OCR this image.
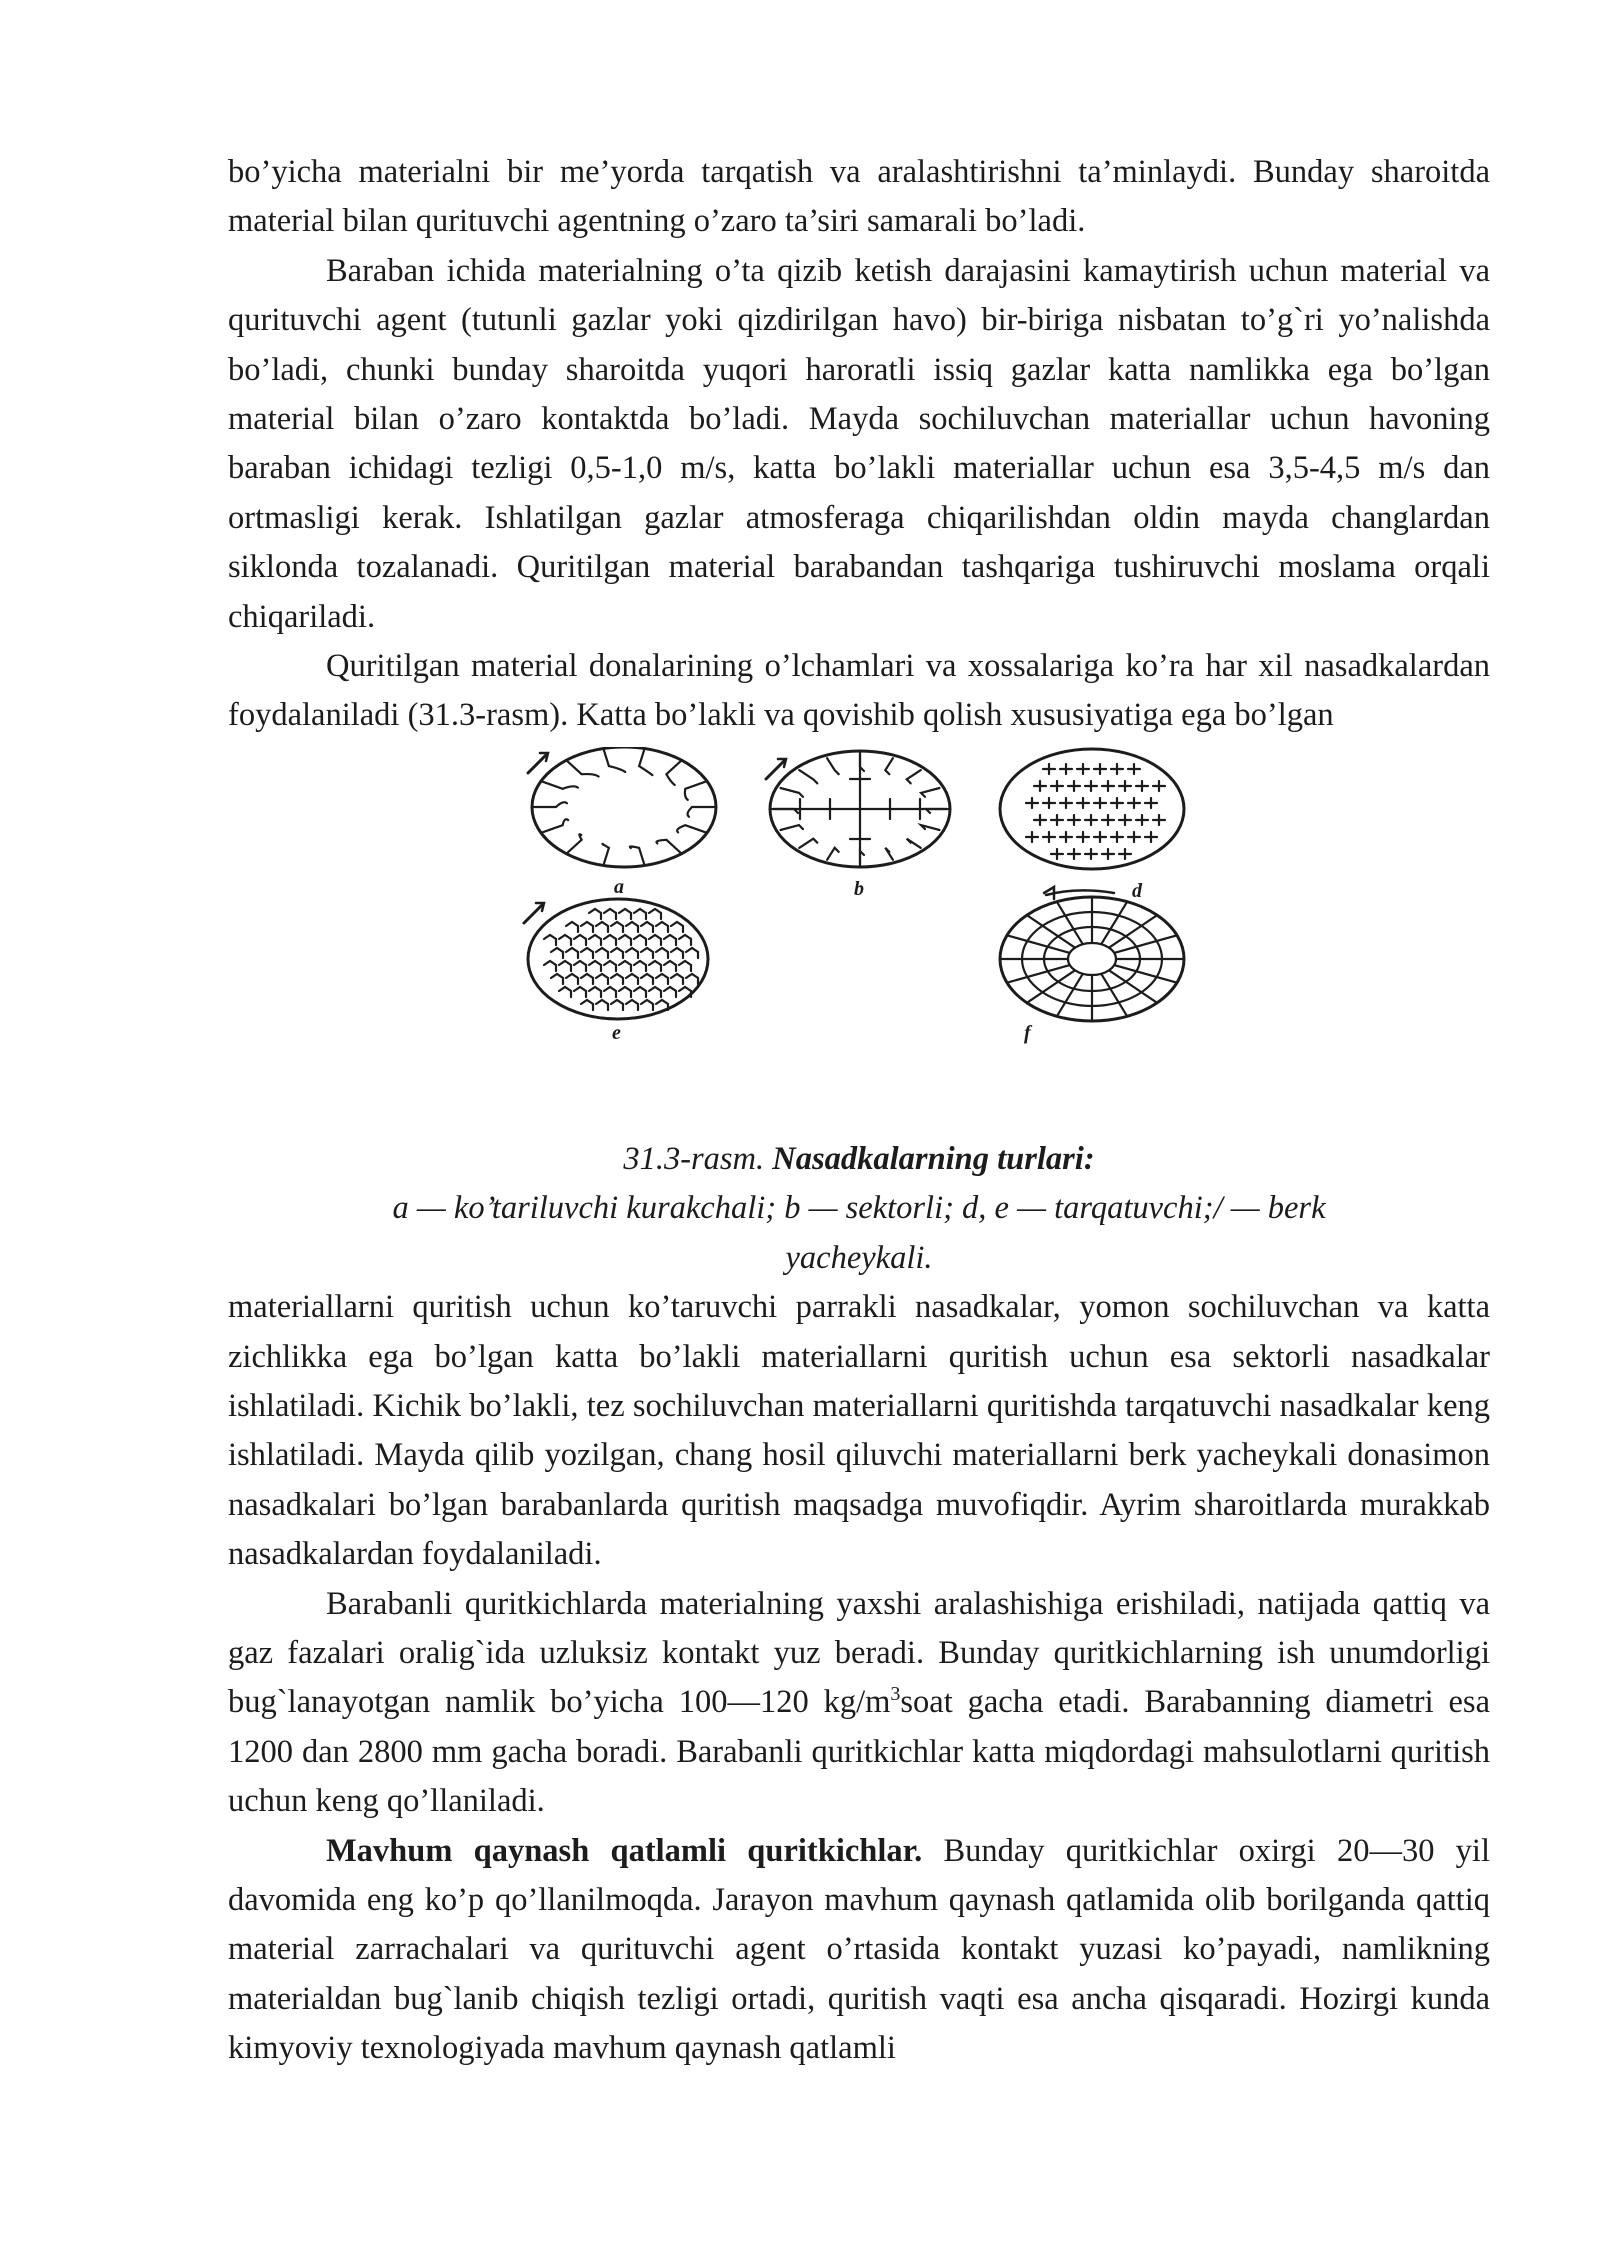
bo’yicha materialni bir me’yorda tarqatish va aralashtirishni ta’minlaydi. Bunday sharoitda material bilan qurituvchi agentning o’zaro ta’siri samarali bo’ladi.

Baraban ichida materialning o’ta qizib ketish darajasini kamaytirish uchun material va qurituvchi agent (tutunli gazlar yoki qizdirilgan havo) bir-biriga nisbatan to’g`ri yo’nalishda bo’ladi, chunki bunday sharoitda yuqori haroratli issiq gazlar katta namlikka ega bo’lgan material bilan o’zaro kontaktda bo’ladi. Mayda sochiluvchan materiallar uchun havoning baraban ichidagi tezligi 0,5-1,0 m/s, katta bo’lakli materiallar uchun esa 3,5-4,5 m/s dan ortmasligi kerak. Ishlatilgan gazlar atmosferaga chiqarilishdan oldin mayda changlardan siklonda tozalanadi. Quritilgan material barabandan tashqariga tushiruvchi moslama orqali chiqariladi.

Quritilgan material donalarining o’lchamlari va xossalariga ko’ra har xil nasadkalardan foydalaniladi (31.3-rasm). Katta bo’lakli va qovishib qolish xususiyatiga ega bo’lgan

a	b	d
e	f

31.3-rasm. Nasadkalarning turlari:

a — ko’tariluvchi kurakchali; b — sektorli; d, e — tarqatuvchi;/ — berk

yacheykali.

materiallarni quritish uchun ko’taruvchi parrakli nasadkalar, yomon sochiluvchan va katta zichlikka ega bo’lgan katta bo’lakli materiallarni quritish uchun esa sektorli nasadkalar ishlatiladi. Kichik bo’lakli, tez sochiluvchan materiallarni quritishda tarqatuvchi nasadkalar keng ishlatiladi. Mayda qilib yozilgan, chang hosil qiluvchi materiallarni berk yacheykali donasimon nasadkalari bo’lgan barabanlarda quritish maqsadga muvofiqdir. Ayrim sharoitlarda murakkab nasadkalardan foydalaniladi.

Barabanli quritkichlarda materialning yaxshi aralashishiga erishiladi, natijada qattiq va gaz fazalari oralig`ida uzluksiz kontakt yuz beradi. Bunday quritkichlarning ish unumdorligi bug`lanayotgan namlik bo’yicha 100—120 $kg/m^3soat$ gacha etadi. Barabanning diametri esa 1200 dan 2800 mm gacha boradi. Barabanli quritkichlar katta miqdordagi mahsulotlarni quritish uchun keng qo’llaniladi.

Mavhum qaynash qatlamli quritkichlar. Bunday quritkichlar oxirgi 20—30 yil davomida eng ko’p qo’llanilmoqda. Jarayon mavhum qaynash qatlamida olib borilganda qattiq material zarrachalari va qurituvchi agent o’rtasida kontakt yuzasi ko’payadi, namlikning materialdan bug`lanib chiqish tezligi ortadi, quritish vaqti esa ancha qisqaradi. Hozirgi kunda kimyoviy texnologiyada mavhum qaynash qatlamli
